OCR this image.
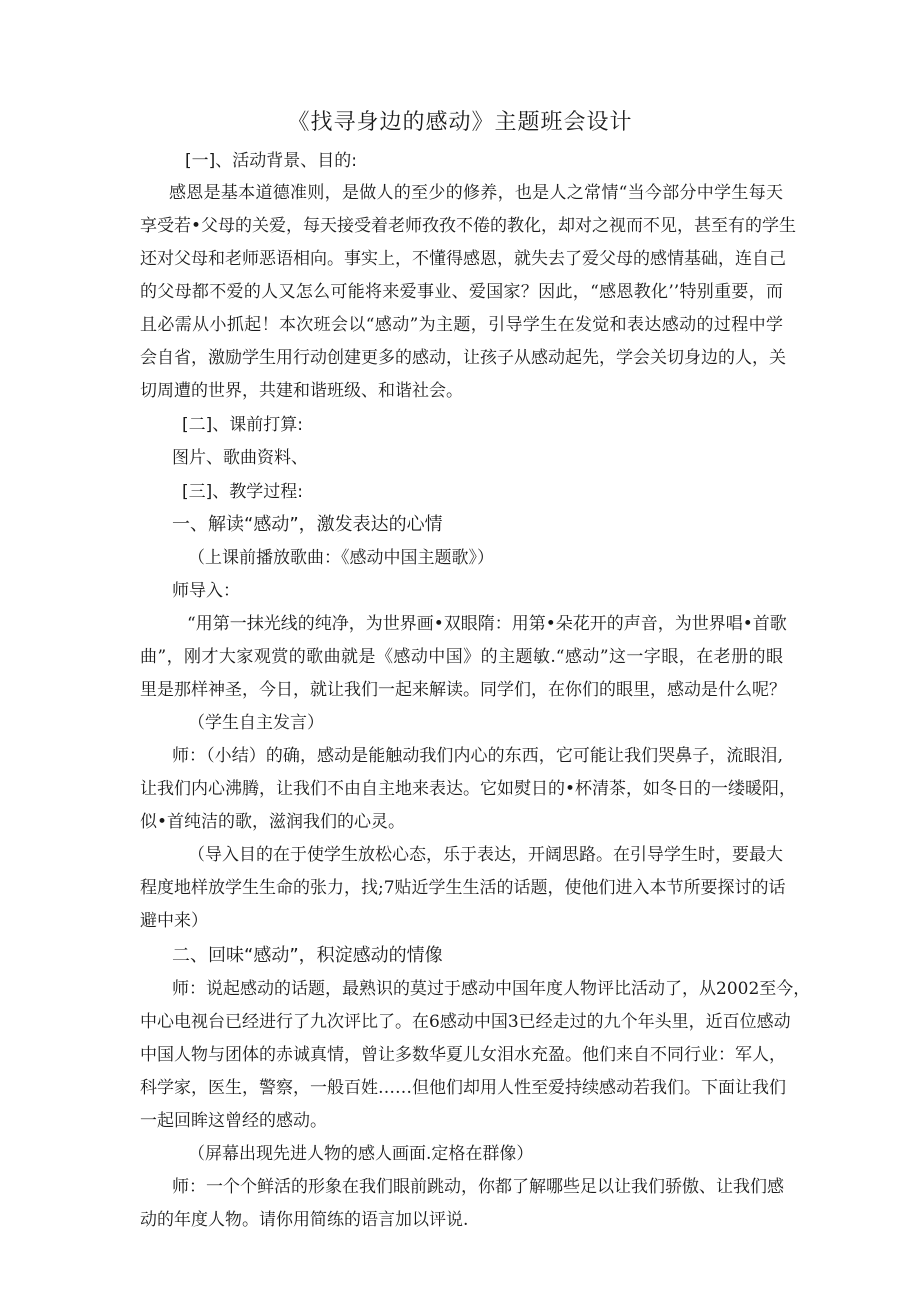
《找寻身边的感动》主题班会设计
[一]、活动背景、目的:
感恩是基本道德准则，是做人的至少的修养，也是人之常情“当今部分中学生每天
享受若•父母的关爱，每天接受着老师孜孜不倦的教化，却对之视而不见，甚至有的学生
还对父母和老师恶语相向。事实上，不懂得感恩，就失去了爱父母的感情基础，连自己
的父母都不爱的人又怎么可能将来爱事业、爱国家？因此，“感恩教化’’特别重要，而
且必需从小抓起！本次班会以“感动”为主题，引导学生在发觉和表达感动的过程中学
会自省，激励学生用行动创建更多的感动，让孩子从感动起先，学会关切身边的人，关
切周遭的世界，共建和谐班级、和谐社会。
[二]、课前打算:
图片、歌曲资料、
[三]、教学过程:
一、解读“感动”，激发表达的心情
（上课前播放歌曲：《感动中国主题歌》）
师导入：
“用第一抹光线的纯净，为世界画•双眼隋：用第•朵花开的声音，为世界唱•首歌
曲”，刚才大家观赏的歌曲就是《感动中国》的主题敏.“感动”这一字眼，在老册的眼
里是那样神圣，今日，就让我们一起来解读。同学们，在你们的眼里，感动是什么呢？
（学生自主发言）
师：（小结）的确，感动是能触动我们内心的东西，它可能让我们哭鼻子，流眼泪,
让我们内心沸腾，让我们不由自主地来表达。它如熨日的•杯清茶，如冬日的一缕暖阳，
似•首纯洁的歌，滋润我们的心灵。
（导入目的在于使学生放松心态，乐于表达，开阔思路。在引导学生时，要最大
程度地样放学生生命的张力，找;7贴近学生生活的话题，使他们进入本节所要探讨的话
避中来）
二、回味“感动”，积淀感动的情像
师：说起感动的话题，最熟识的莫过于感动中国年度人物评比活动了，从2002至今，
中心电视台已经进行了九次评比了。在6感动中国3已经走过的九个年头里，近百位感动
中国人物与团体的赤诚真情，曾让多数华夏儿女泪水充盈。他们来自不同行业：军人，
科学家，医生，警察，一般百姓……但他们却用人性至爱持续感动若我们。下面让我们
一起回眸这曾经的感动。
（屏幕出现先进人物的感人画面.定格在群像）
师：一个个鲜活的形象在我们眼前跳动，你都了解哪些足以让我们骄傲、让我们感
动的年度人物。请你用简练的语言加以评说.
